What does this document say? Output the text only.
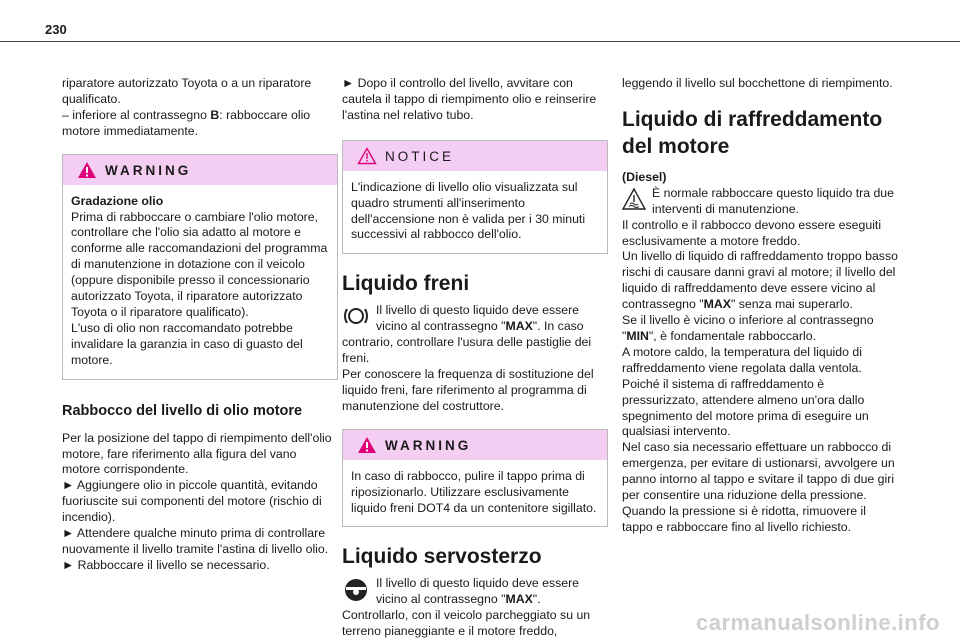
230

riparatore autorizzato Toyota o a un riparatore qualificato.

– inferiore al contrassegno B: rabboccare olio motore immediatamente.

WARNING

Gradazione olio

Prima di rabboccare o cambiare l'olio motore, controllare che l'olio sia adatto al motore e conforme alle raccomandazioni del programma di manutenzione in dotazione con il veicolo (oppure disponibile presso il concessionario autorizzato Toyota, il riparatore autorizzato Toyota o il riparatore qualificato).

L'uso di olio non raccomandato potrebbe invalidare la garanzia in caso di guasto del motore.

Rabbocco del livello di olio motore

Per la posizione del tappo di riempimento dell'olio motore, fare riferimento alla figura del vano motore corrispondente.

► Aggiungere olio in piccole quantità, evitando fuoriuscite sui componenti del motore (rischio di incendio).

► Attendere qualche minuto prima di controllare nuovamente il livello tramite l'astina di livello olio.

► Rabboccare il livello se necessario.

► Dopo il controllo del livello, avvitare con cautela il tappo di riempimento olio e reinserire l'astina nel relativo tubo.

NOTICE

L'indicazione di livello olio visualizzata sul quadro strumenti all'inserimento dell'accensione non è valida per i 30 minuti successivi al rabbocco dell'olio.

Liquido freni

Il livello di questo liquido deve essere vicino al contrassegno "MAX". In caso contrario, controllare l'usura delle pastiglie dei freni.

Per conoscere la frequenza di sostituzione del liquido freni, fare riferimento al programma di manutenzione del costruttore.

WARNING

In caso di rabbocco, pulire il tappo prima di riposizionarlo. Utilizzare esclusivamente liquido freni DOT4 da un contenitore sigillato.

Liquido servosterzo

Il livello di questo liquido deve essere vicino al contrassegno "MAX". Controllarlo, con il veicolo parcheggiato su un terreno pianeggiante e il motore freddo,

leggendo il livello sul bocchettone di riempimento.

Liquido di raffreddamento del motore

(Diesel)

È normale rabboccare questo liquido tra due interventi di manutenzione.

Il controllo e il rabbocco devono essere eseguiti esclusivamente a motore freddo.

Un livello di liquido di raffreddamento troppo basso rischi di causare danni gravi al motore; il livello del liquido di raffreddamento deve essere vicino al contrassegno "MAX" senza mai superarlo.

Se il livello è vicino o inferiore al contrassegno "MIN", è fondamentale rabboccarlo.

A motore caldo, la temperatura del liquido di raffreddamento viene regolata dalla ventola.

Poiché il sistema di raffreddamento è pressurizzato, attendere almeno un'ora dallo spegnimento del motore prima di eseguire un qualsiasi intervento.

Nel caso sia necessario effettuare un rabbocco di emergenza, per evitare di ustionarsi, avvolgere un panno intorno al tappo e svitare il tappo di due giri per consentire una riduzione della pressione.

Quando la pressione si è ridotta, rimuovere il tappo e rabboccare fino al livello richiesto.

carmanualsonline.info
